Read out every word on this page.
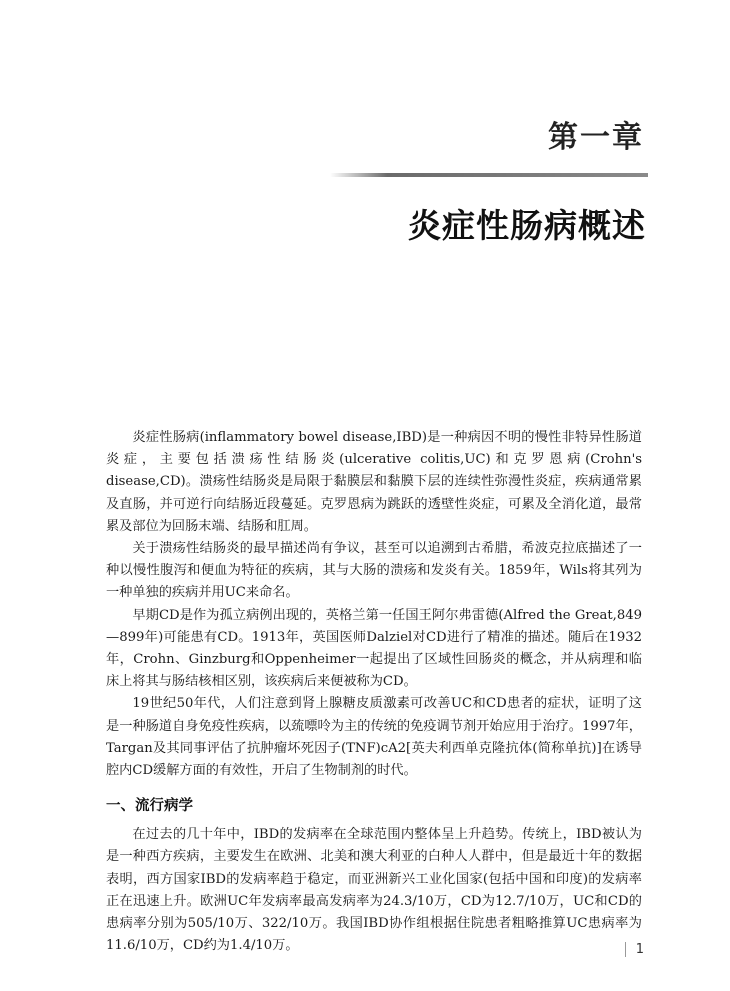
第一章
炎症性肠病概述

炎症性肠病(inflammatory bowel disease,IBD)是一种病因不明的慢性非特异性肠道炎症，主要包括溃疡性结肠炎(ulcerative colitis,UC)和克罗恩病(Crohn's disease,CD)。溃疡性结肠炎是局限于黏膜层和黏膜下层的连续性弥漫性炎症，疾病通常累及直肠，并可逆行向结肠近段蔓延。克罗恩病为跳跃的透壁性炎症，可累及全消化道，最常累及部位为回肠末端、结肠和肛周。

关于溃疡性结肠炎的最早描述尚有争议，甚至可以追溯到古希腊，希波克拉底描述了一种以慢性腹泻和便血为特征的疾病，其与大肠的溃疡和发炎有关。1859年，Wils将其列为一种单独的疾病并用UC来命名。

早期CD是作为孤立病例出现的，英格兰第一任国王阿尔弗雷德(Alfred the Great,849—899年)可能患有CD。1913年，英国医师Dalziel对CD进行了精准的描述。随后在1932年，Crohn、Ginzburg和Oppenheimer一起提出了区域性回肠炎的概念，并从病理和临床上将其与肠结核相区别，该疾病后来便被称为CD。

19世纪50年代，人们注意到肾上腺糖皮质激素可改善UC和CD患者的症状，证明了这是一种肠道自身免疫性疾病，以巯嘌呤为主的传统的免疫调节剂开始应用于治疗。1997年，Targan及其同事评估了抗肿瘤坏死因子(TNF)cA2[英夫利西单克隆抗体(简称单抗)]在诱导腔内CD缓解方面的有效性，开启了生物制剂的时代。

一、流行病学

在过去的几十年中，IBD的发病率在全球范围内整体呈上升趋势。传统上，IBD被认为是一种西方疾病，主要发生在欧洲、北美和澳大利亚的白种人人群中，但是最近十年的数据表明，西方国家IBD的发病率趋于稳定，而亚洲新兴工业化国家(包括中国和印度)的发病率正在迅速上升。欧洲UC年发病率最高发病率为24.3/10万，CD为12.7/10万，UC和CD的患病率分别为505/10万、322/10万。我国IBD协作组根据住院患者粗略推算UC患病率为11.6/10万，CD约为1.4/10万。	1
